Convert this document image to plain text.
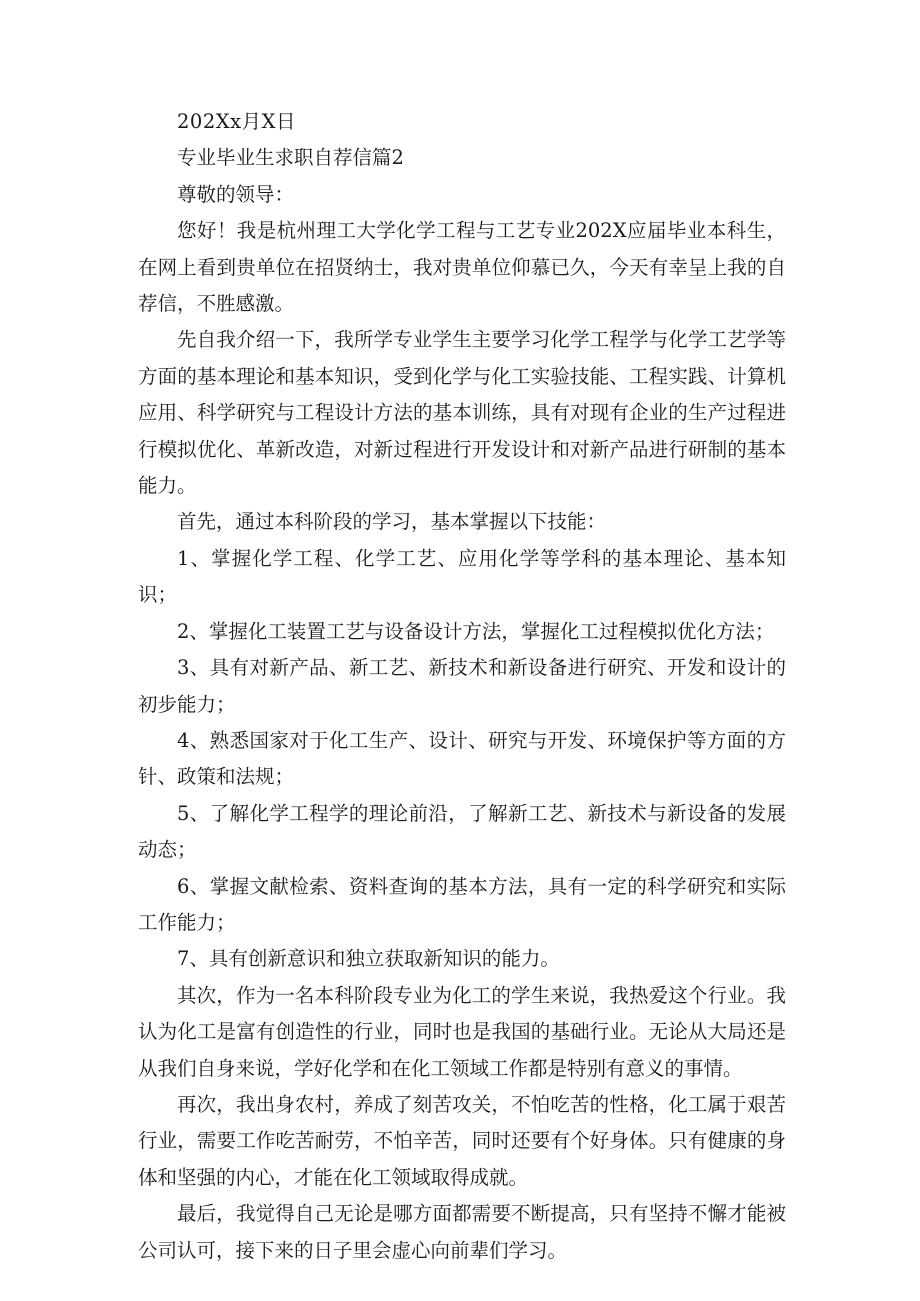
202Xx月X日

专业毕业生求职自荐信篇2

尊敬的领导：

您好！我是杭州理工大学化学工程与工艺专业202X应届毕业本科生，在网上看到贵单位在招贤纳士，我对贵单位仰慕已久，今天有幸呈上我的自荐信，不胜感激。

先自我介绍一下，我所学专业学生主要学习化学工程学与化学工艺学等方面的基本理论和基本知识，受到化学与化工实验技能、工程实践、计算机应用、科学研究与工程设计方法的基本训练，具有对现有企业的生产过程进行模拟优化、革新改造，对新过程进行开发设计和对新产品进行研制的基本能力。

首先，通过本科阶段的学习，基本掌握以下技能：

1、掌握化学工程、化学工艺、应用化学等学科的基本理论、基本知识；

2、掌握化工装置工艺与设备设计方法，掌握化工过程模拟优化方法；

3、具有对新产品、新工艺、新技术和新设备进行研究、开发和设计的初步能力；

4、熟悉国家对于化工生产、设计、研究与开发、环境保护等方面的方针、政策和法规；

5、了解化学工程学的理论前沿，了解新工艺、新技术与新设备的发展动态；

6、掌握文献检索、资料查询的基本方法，具有一定的科学研究和实际工作能力；

7、具有创新意识和独立获取新知识的能力。

其次，作为一名本科阶段专业为化工的学生来说，我热爱这个行业。我认为化工是富有创造性的行业，同时也是我国的基础行业。无论从大局还是从我们自身来说，学好化学和在化工领域工作都是特别有意义的事情。

再次，我出身农村，养成了刻苦攻关，不怕吃苦的性格，化工属于艰苦行业，需要工作吃苦耐劳，不怕辛苦，同时还要有个好身体。只有健康的身体和坚强的内心，才能在化工领域取得成就。

最后，我觉得自己无论是哪方面都需要不断提高，只有坚持不懈才能被公司认可，接下来的日子里会虚心向前辈们学习。
